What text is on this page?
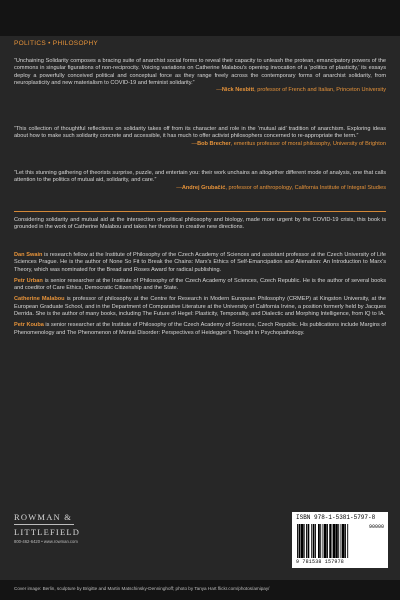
POLITICS • PHILOSOPHY

“Unchaining Solidarity composes a bracing suite of anarchist social forms to reveal their capacity to unleash the protean, emancipatory powers of the commons in singular figurations of non-reciprocity. Voicing variations on Catherine Malabou’s opening invocation of a ‘politics of plasticity,’ its essays deploy a powerfully conceived political and conceptual force as they range freely across the contemporary forms of anarchist solidarity, from neuroplasticity and new materialism to COVID-19 and feminist solidarity.”

—Nick Nesbitt, professor of French and Italian, Princeton University

“This collection of thoughtful reflections on solidarity takes off from its character and role in the ‘mutual aid’ tradition of anarchism. Exploring ideas about how to make such solidarity concrete and accessible, it has much to offer activist philosophers concerned to re-appropriate the term.”

—Bob Brecher, emeritus professor of moral philosophy, University of Brighton

“Let this stunning gathering of theorists surprise, puzzle, and entertain you: their work unchains an altogether different mode of analysis, one that calls attention to the politics of mutual aid, solidarity, and care.”

—Andrej Grubačić, professor of anthropology, California Institute of Integral Studies

Considering solidarity and mutual aid at the intersection of political philosophy and biology, made more urgent by the COVID-19 crisis, this book is grounded in the work of Catherine Malabou and takes her theories in creative new directions.

Dan Swain is research fellow at the Institute of Philosophy of the Czech Academy of Sciences and assistant professor at the Czech University of Life Sciences Prague. He is the author of None So Fit to Break the Chains: Marx’s Ethics of Self-Emancipation and Alienation: An Introduction to Marx’s Theory, which was nominated for the Bread and Roses Award for radical publishing.

Petr Urban is senior researcher at the Institute of Philosophy of the Czech Academy of Sciences, Czech Republic. He is the author of several books and coeditor of Care Ethics, Democratic Citizenship and the State.

Catherine Malabou is professor of philosophy at the Centre for Research in Modern European Philosophy (CRMEP) at Kingston University, at the European Graduate School, and in the Department of Comparative Literature at the University of California Irvine, a position formerly held by Jacques Derrida. She is the author of many books, including The Future of Hegel: Plasticity, Temporality, and Dialectic and Morphing Intelligence, from IQ to IA.

Petr Kouba is senior researcher at the Institute of Philosophy of the Czech Academy of Sciences, Czech Republic. His publications include Margins of Phenomenology and The Phenomenon of Mental Disorder: Perspectives of Heidegger’s Thought in Psychopathology.

ROWMAN &
LITTLEFIELD
800-462-6420 • www.rowman.com
ISBN 978-1-5381-5797-8
90000
9 781538 157978
Cover image: Berlin, sculpture by Brigitte and Martin Matschinsky-Denninghoff; photo by Tanya Hart flickr.com/photos/amipay/
